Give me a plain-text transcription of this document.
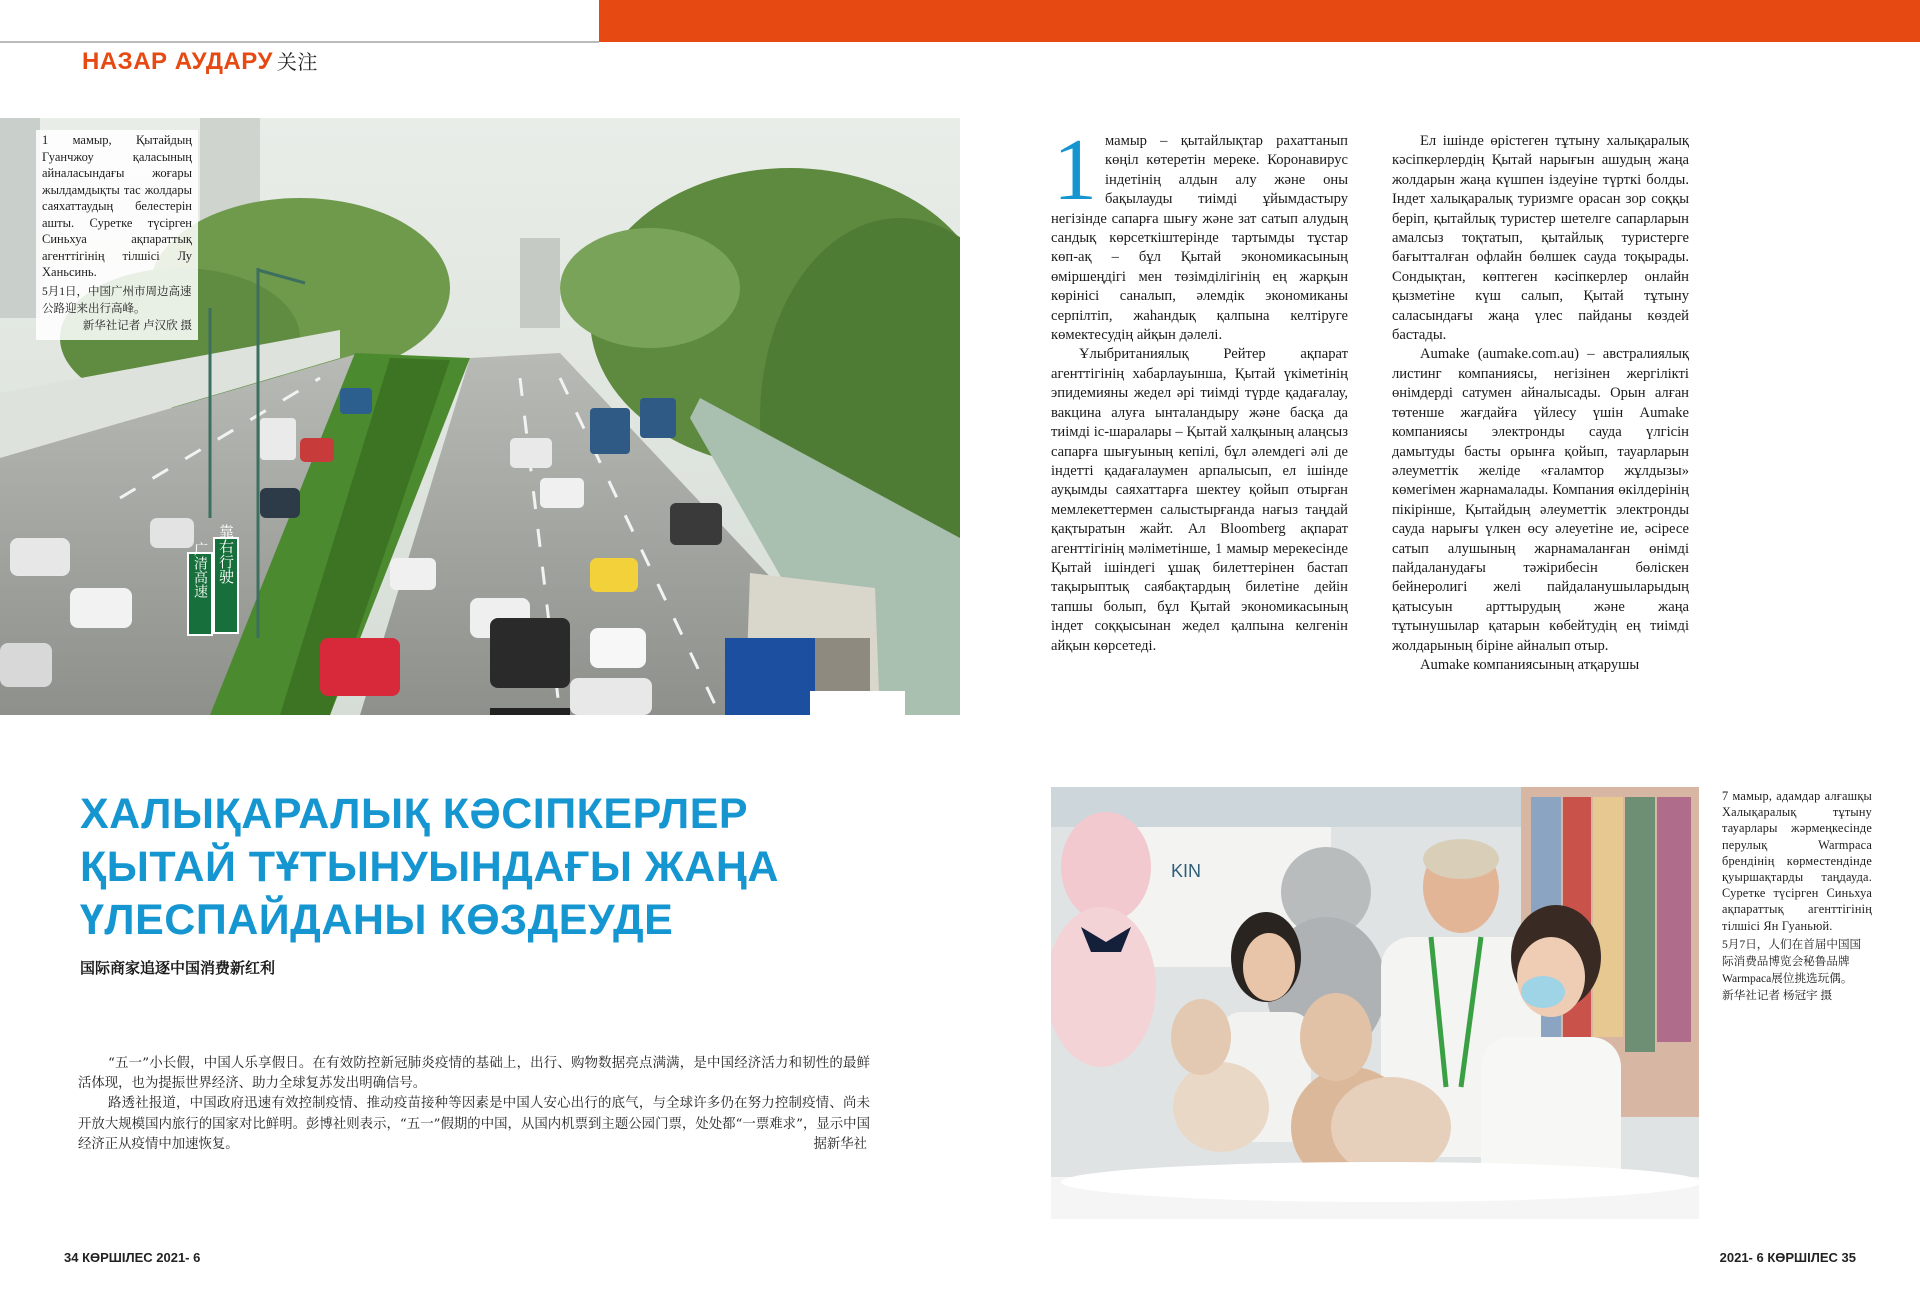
НАЗАР АУДАРУ 关注
广清高速 靠右行驶
1 мамыр, Қытайдың Гуанчжоу қаласының айналасындағы жоғары жылдамдықты тас жолдары саяхаттаудың белестерін ашты. Суретке түсірген Синьхуа ақпараттық агенттігінің тілшісі Лу Ханьсинь.
5月1日，中国广州市周边高速公路迎来出行高峰。
新华社记者 卢汉欣 摄

1 мамыр – қытайлықтар рахаттанып көңіл көтеретін мереке. Коронавирус індетінің алдын алу және оны бақылауды тиімді ұйымдастыру негізінде сапарға шығу және зат сатып алудың сандық көрсеткіштерінде тартымды тұстар көп-ақ – бұл Қытай экономикасының өміршеңдігі мен төзімділігінің ең жарқын көрінісі саналып, әлемдік экономиканы серпілтіп, жаһандық қалпына келтіруге көмектесудің айқын дәлелі.

Ұлыбританиялық Рейтер ақпарат агенттігінің хабарлауынша, Қытай үкіметінің эпидемияны жедел әрі тиімді түрде қадағалау, вакцина алуға ынталандыру және басқа да тиімді іс-шаралары – Қытай халқының алаңсыз сапарға шығуының кепілі, бұл әлемдегі әлі де індетті қадағалаумен арпалысып, ел ішінде ауқымды саяхаттарға шектеу қойып отырған мемлекеттермен салыстырғанда нағыз таңдай қақтыратын жайт. Ал Bloomberg ақпарат агенттігінің мәліметінше, 1 мамыр мерекесінде Қытай ішіндегі ұшақ билеттерінен бастап тақырыптық саябақтардың билетіне дейін тапшы болып, бұл Қытай экономикасының індет соққысынан жедел қалпына келгенін айқын көрсетеді.

Ел ішінде өрістеген тұтыну халықаралық кәсіпкерлердің Қытай нарығын ашудың жаңа жолдарын жаңа күшпен іздеуіне түрткі болды. Індет халықаралық туризмге орасан зор соққы беріп, қытайлық туристер шетелге сапарларын амалсыз тоқтатып, қытайлық туристерге бағытталған офлайн бөлшек сауда тоқырады. Сондықтан, көптеген кәсіпкерлер онлайн қызметіне күш салып, Қытай тұтыну саласындағы жаңа үлес пайданы көздей бастады.

Aumake (aumake.com.au) – австралиялық листинг компаниясы, негізінен жергілікті өнімдерді сатумен айналысады. Орын алған төтенше жағдайға үйлесу үшін Aumake компаниясы электронды сауда үлгісін дамытуды басты орынға қойып, тауарларын әлеуметтік желіде «ғаламтор жұлдызы» көмегімен жарнамалады. Компания өкілдерінің пікірінше, Қытайдың әлеуметтік электронды сауда нарығы үлкен өсу әлеуетіне ие, әсіресе сатып алушының жарнамаланған өнімді пайдаланудағы тәжірибесін бөліскен бейнеролигі желі пайдаланушыларыдың қатысуын арттырудың және жаңа тұтынушылар қатарын көбейтудің ең тиімді жолдарының біріне айналып отыр.

Aumake компаниясының атқарушы

ХАЛЫҚАРАЛЫҚ КӘСІПКЕРЛЕР
ҚЫТАЙ ТҰТЫНУЫНДАҒЫ ЖАҢА
ҮЛЕСПАЙДАНЫ КӨЗДЕУДЕ
国际商家追逐中国消费新红利

“五一”小长假，中国人乐享假日。在有效防控新冠肺炎疫情的基础上，出行、购物数据亮点满满，是中国经济活力和韧性的最鲜活体现，也为提振世界经济、助力全球复苏发出明确信号。

路透社报道，中国政府迅速有效控制疫情、推动疫苗接种等因素是中国人安心出行的底气，与全球许多仍在努力控制疫情、尚未开放大规模国内旅行的国家对比鲜明。彭博社则表示，“五一”假期的中国，从国内机票到主题公园门票，处处都“一票难求”，显示中国经济正从疫情中加速恢复。	据新华社

KIN
7 мамыр, адамдар алғашқы Халықаралық тұтыну тауарлары жәрмеңкесінде перулық Warmpaca брендінің көрместендінде қуыршақтарды таңдауда. Суретке түсірген Синьхуа ақпараттық агенттігінің тілшісі Ян Гуаньюй.
5月7日，人们在首届中国国际消费品博览会秘鲁品牌Warmpaca展位挑选玩偶。
新华社记者 杨冠宇 摄
34 КӨРШІЛЕС 2021- 6	2021- 6 КӨРШІЛЕС 35
